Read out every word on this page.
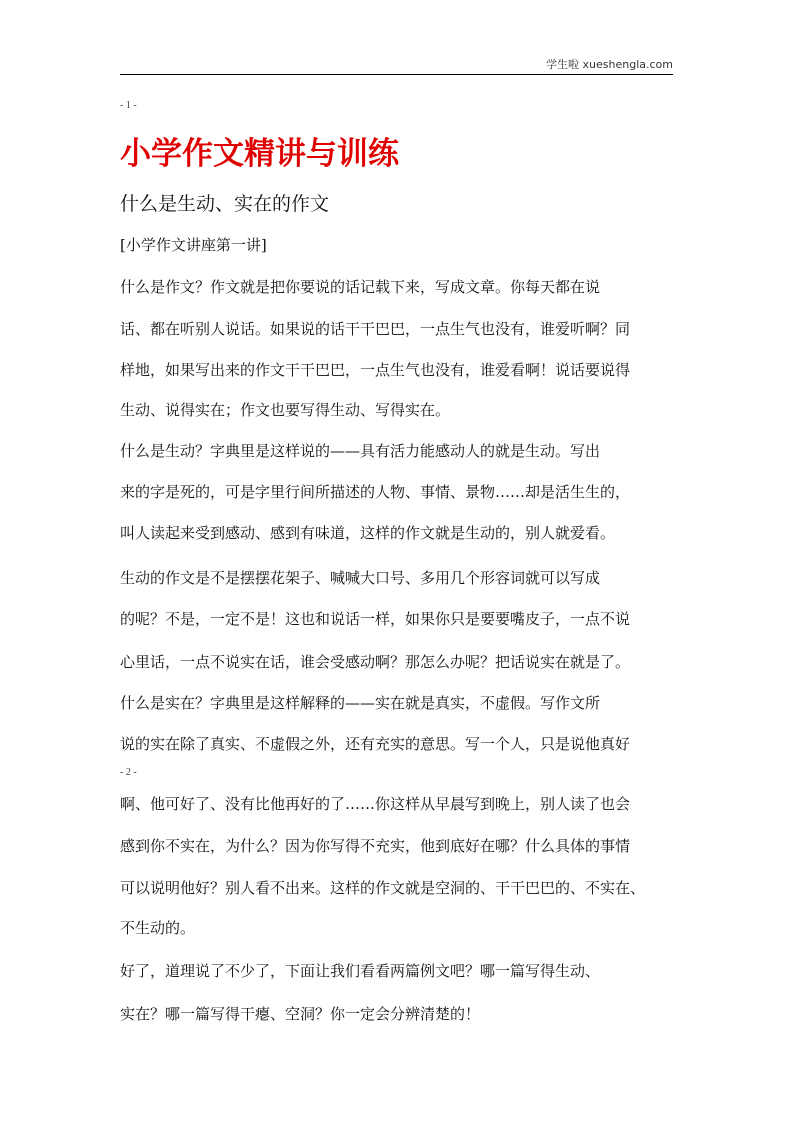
学生啦 xueshengla.com
- 1 -
小学作文精讲与训练
什么是生动、实在的作文
[小学作文讲座第一讲]
什么是作文？作文就是把你要说的话记载下来，写成文章。你每天都在说
话、都在听别人说话。如果说的话干干巴巴，一点生气也没有，谁爱听啊？同
样地，如果写出来的作文干干巴巴，一点生气也没有，谁爱看啊！说话要说得
生动、说得实在；作文也要写得生动、写得实在。
什么是生动？字典里是这样说的——具有活力能感动人的就是生动。写出
来的字是死的，可是字里行间所描述的人物、事情、景物……却是活生生的，
叫人读起来受到感动、感到有味道，这样的作文就是生动的，别人就爱看。
生动的作文是不是摆摆花架子、喊喊大口号、多用几个形容词就可以写成
的呢？不是，一定不是！这也和说话一样，如果你只是要要嘴皮子，一点不说
心里话，一点不说实在话，谁会受感动啊？那怎么办呢？把话说实在就是了。
什么是实在？字典里是这样解释的——实在就是真实，不虚假。写作文所
说的实在除了真实、不虚假之外，还有充实的意思。写一个人，只是说他真好
- 2 -
啊、他可好了、没有比他再好的了……你这样从早晨写到晚上，别人读了也会
感到你不实在，为什么？因为你写得不充实，他到底好在哪？什么具体的事情
可以说明他好？别人看不出来。这样的作文就是空洞的、干干巴巴的、不实在、
不生动的。
好了，道理说了不少了，下面让我们看看两篇例文吧？哪一篇写得生动、
实在？哪一篇写得干瘪、空洞？你一定会分辨清楚的！
